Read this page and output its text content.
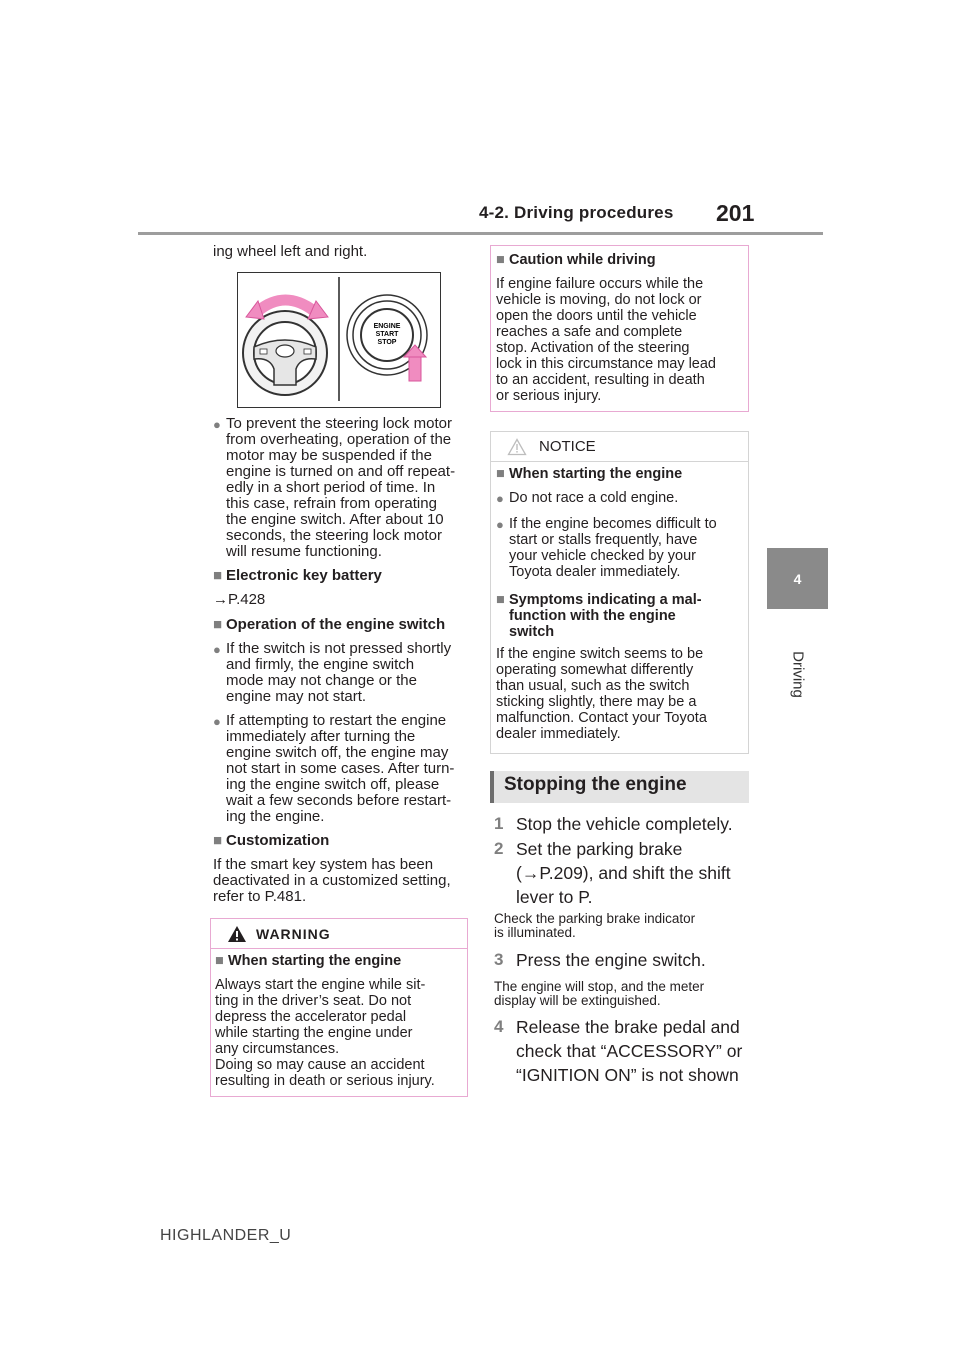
4-2. Driving procedures	201
4
Driving
ing wheel left and right.
ENGINE
START
STOP
● To prevent the steering lock motor
from overheating, operation of the
motor may be suspended if the
engine is turned on and off repeat-
edly in a short period of time. In
this case, refrain from operating
the engine switch. After about 10
seconds, the steering lock motor
will resume functioning.
■ Electronic key battery
→P.428
■ Operation of the engine switch
● If the switch is not pressed shortly
and firmly, the engine switch
mode may not change or the
engine may not start.
● If attempting to restart the engine
immediately after turning the
engine switch off, the engine may
not start in some cases. After turn-
ing the engine switch off, please
wait a few seconds before restart-
ing the engine.
■ Customization
If the smart key system has been
deactivated in a customized setting,
refer to P.481.
WARNING
■ When starting the engine
Always start the engine while sit-
ting in the driver’s seat. Do not
depress the accelerator pedal
while starting the engine under
any circumstances.
Doing so may cause an accident
resulting in death or serious injury.
■ Caution while driving
If engine failure occurs while the
vehicle is moving, do not lock or
open the doors until the vehicle
reaches a safe and complete
stop. Activation of the steering
lock in this circumstance may lead
to an accident, resulting in death
or serious injury.
NOTICE
■ When starting the engine
● Do not race a cold engine.
● If the engine becomes difficult to
start or stalls frequently, have
your vehicle checked by your
Toyota dealer immediately.
■ Symptoms indicating a mal-
function with the engine
switch
If the engine switch seems to be
operating somewhat differently
than usual, such as the switch
sticking slightly, there may be a
malfunction. Contact your Toyota
dealer immediately.
Stopping the engine
1 Stop the vehicle completely.
2 Set the parking brake
(→P.209), and shift the shift
lever to P.
Check the parking brake indicator
is illuminated.
3 Press the engine switch.
The engine will stop, and the meter
display will be extinguished.
4 Release the brake pedal and
check that “ACCESSORY” or
“IGNITION ON” is not shown
HIGHLANDER_U
